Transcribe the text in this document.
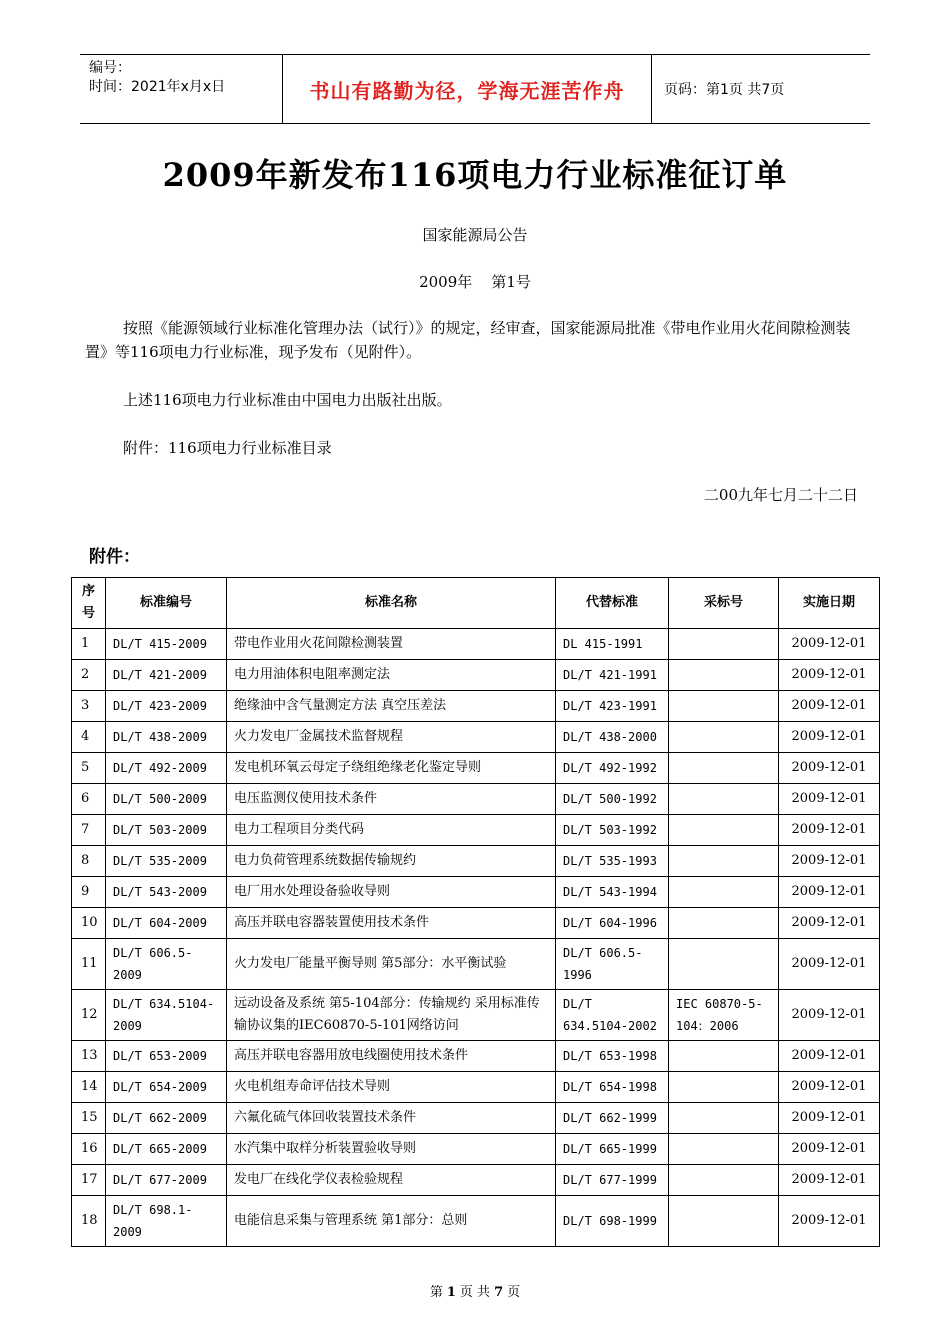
编号：
时间：2021年x月x日	书山有路勤为径，学海无涯苦作舟	页码：第1页 共7页
2009年新发布116项电力行业标准征订单
国家能源局公告
2009年    第1号
按照《能源领域行业标准化管理办法（试行）》的规定，经审查，国家能源局批准《带电作业用火花间隙检测装置》等116项电力行业标准，现予发布（见附件）。
上述116项电力行业标准由中国电力出版社出版。
附件：116项电力行业标准目录
二00九年七月二十二日
附件：
序号	标准编号	标准名称	代替标准	采标号	实施日期
1	DL/T 415-2009	带电作业用火花间隙检测装置	DL 415-1991		2009-12-01
2	DL/T 421-2009	电力用油体积电阻率测定法	DL/T 421-1991		2009-12-01
3	DL/T 423-2009	绝缘油中含气量测定方法 真空压差法	DL/T 423-1991		2009-12-01
4	DL/T 438-2009	火力发电厂金属技术监督规程	DL/T 438-2000		2009-12-01
5	DL/T 492-2009	发电机环氧云母定子绕组绝缘老化鉴定导则	DL/T 492-1992		2009-12-01
6	DL/T 500-2009	电压监测仪使用技术条件	DL/T 500-1992		2009-12-01
7	DL/T 503-2009	电力工程项目分类代码	DL/T 503-1992		2009-12-01
8	DL/T 535-2009	电力负荷管理系统数据传输规约	DL/T 535-1993		2009-12-01
9	DL/T 543-2009	电厂用水处理设备验收导则	DL/T 543-1994		2009-12-01
10	DL/T 604-2009	高压并联电容器装置使用技术条件	DL/T 604-1996		2009-12-01
11	DL/T 606.5-2009	火力发电厂能量平衡导则 第5部分：水平衡试验	DL/T 606.5-1996		2009-12-01
12	DL/T 634.5104-2009	远动设备及系统 第5-104部分：传输规约 采用标准传输协议集的IEC60870-5-101网络访问	DL/T 634.5104-2002	IEC 60870-5-104：2006	2009-12-01
13	DL/T 653-2009	高压并联电容器用放电线圈使用技术条件	DL/T 653-1998		2009-12-01
14	DL/T 654-2009	火电机组寿命评估技术导则	DL/T 654-1998		2009-12-01
15	DL/T 662-2009	六氟化硫气体回收装置技术条件	DL/T 662-1999		2009-12-01
16	DL/T 665-2009	水汽集中取样分析装置验收导则	DL/T 665-1999		2009-12-01
17	DL/T 677-2009	发电厂在线化学仪表检验规程	DL/T 677-1999		2009-12-01
18	DL/T 698.1-2009	电能信息采集与管理系统 第1部分：总则	DL/T 698-1999		2009-12-01
第 1 页 共 7 页
